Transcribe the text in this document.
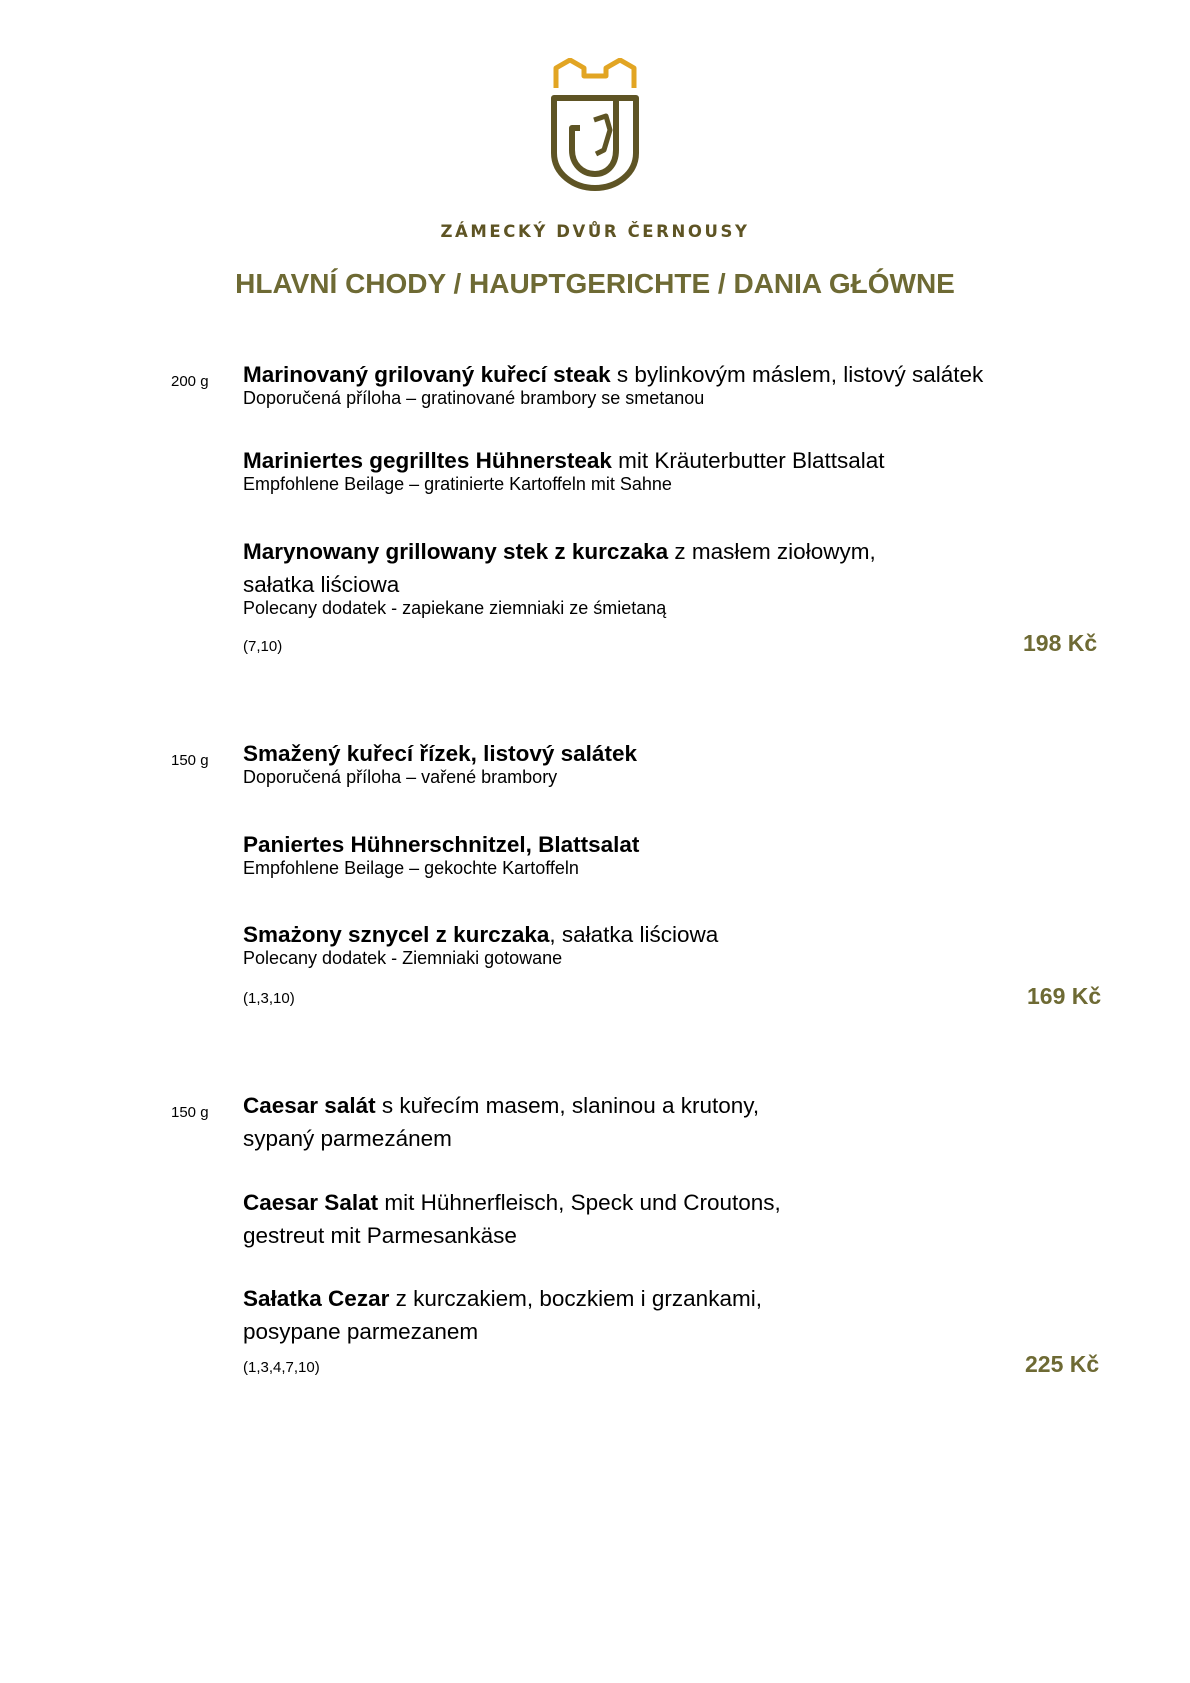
ZÁMECKÝ DVŮR ČERNOUSY
HLAVNÍ CHODY / HAUPTGERICHTE / DANIA GŁÓWNE
200 g Marinovaný grilovaný kuřecí steak s bylinkovým máslem, listový salátek
Doporučená příloha – gratinované brambory se smetanou
Mariniertes gegrilltes Hühnersteak mit Kräuterbutter Blattsalat
Empfohlene Beilage – gratinierte Kartoffeln mit Sahne
Marynowany grillowany stek z kurczaka z masłem ziołowym,
sałatka liściowa
Polecany dodatek - zapiekane ziemniaki ze śmietaną
(7,10)	198 Kč
150 g Smažený kuřecí řízek, listový salátek
Doporučená příloha – vařené brambory
Paniertes Hühnerschnitzel, Blattsalat
Empfohlene Beilage – gekochte Kartoffeln
Smażony sznycel z kurczaka, sałatka liściowa
Polecany dodatek - Ziemniaki gotowane
(1,3,10)	169 Kč
150 g Caesar salát s kuřecím masem, slaninou a krutony,
sypaný parmezánem
Caesar Salat mit Hühnerfleisch, Speck und Croutons,
gestreut mit Parmesankäse
Sałatka Cezar z kurczakiem, boczkiem i grzankami,
posypane parmezanem
(1,3,4,7,10)	225 Kč
